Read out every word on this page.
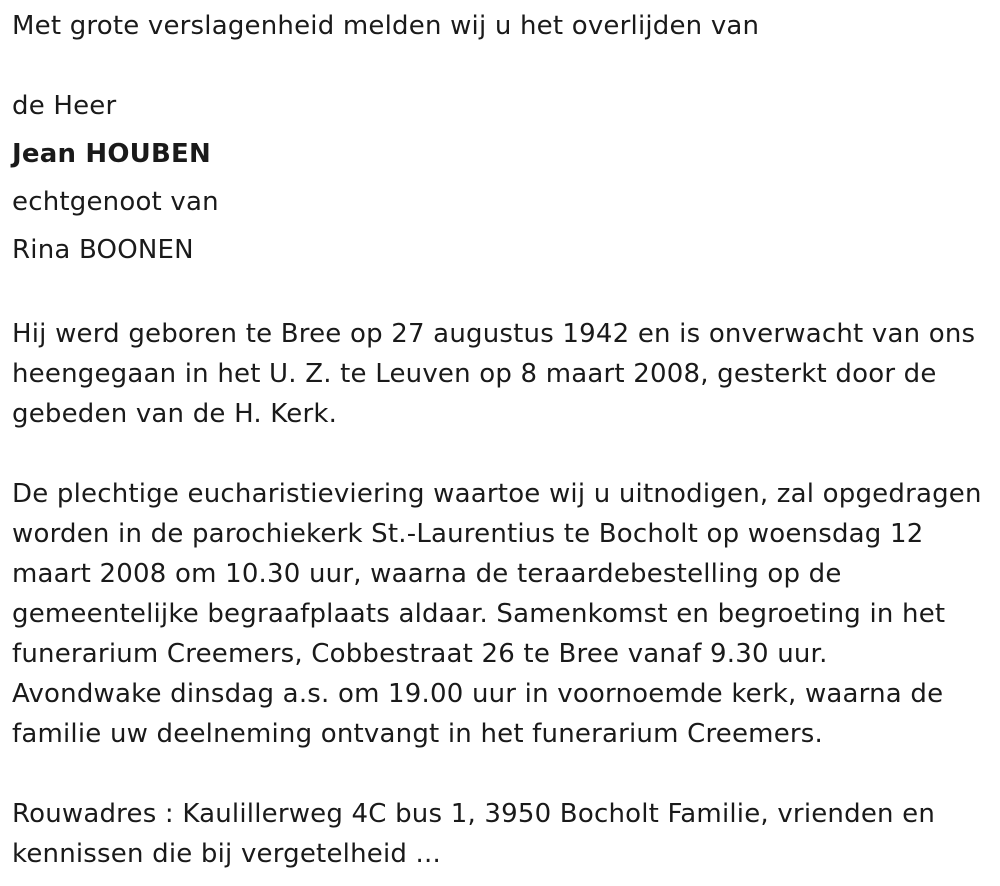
Met grote verslagenheid melden wij u het overlijden van
de Heer
Jean HOUBEN
echtgenoot van
Rina BOONEN
Hij werd geboren te Bree op 27 augustus 1942 en is onverwacht van ons
heengegaan in het U. Z. te Leuven op 8 maart 2008, gesterkt door de
gebeden van de H. Kerk.
De plechtige eucharistieviering waartoe wij u uitnodigen, zal opgedragen
worden in de parochiekerk St.-Laurentius te Bocholt op woensdag 12
maart 2008 om 10.30 uur, waarna de teraardebestelling op de
gemeentelijke begraafplaats aldaar. Samenkomst en begroeting in het
funerarium Creemers, Cobbestraat 26 te Bree vanaf 9.30 uur.
Avondwake dinsdag a.s. om 19.00 uur in voornoemde kerk, waarna de
familie uw deelneming ontvangt in het funerarium Creemers.
Rouwadres : Kaulillerweg 4C bus 1, 3950 Bocholt Familie, vrienden en
kennissen die bij vergetelheid ...
